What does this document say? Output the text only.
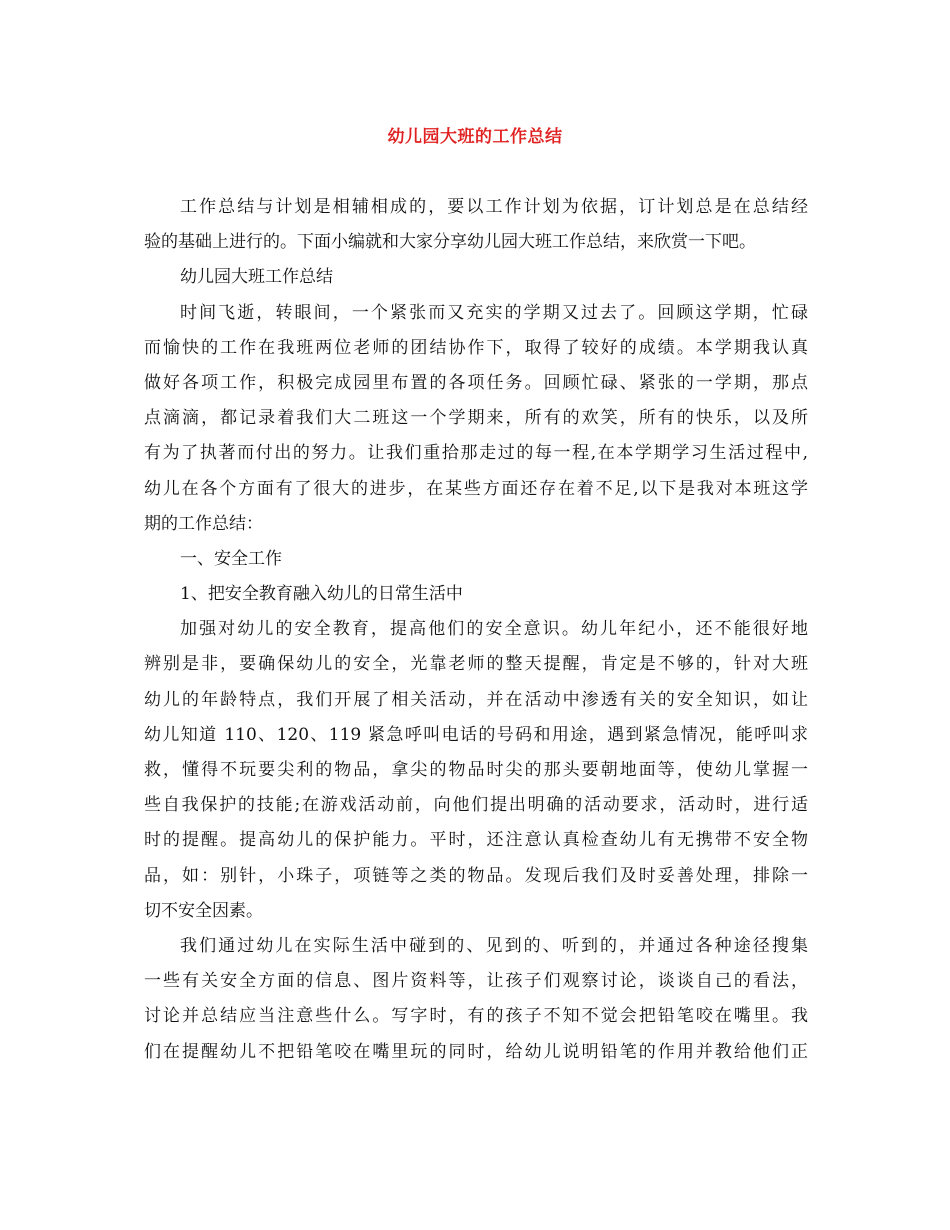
幼儿园大班的工作总结
工作总结与计划是相辅相成的，要以工作计划为依据，订计划总是在总结经
验的基础上进行的。下面小编就和大家分享幼儿园大班工作总结，来欣赏一下吧。
幼儿园大班工作总结
时间飞逝，转眼间，一个紧张而又充实的学期又过去了。回顾这学期，忙碌
而愉快的工作在我班两位老师的团结协作下，取得了较好的成绩。本学期我认真
做好各项工作，积极完成园里布置的各项任务。回顾忙碌、紧张的一学期，那点
点滴滴，都记录着我们大二班这一个学期来，所有的欢笑，所有的快乐，以及所
有为了执著而付出的努力。让我们重拾那走过的每一程,在本学期学习生活过程中,
幼儿在各个方面有了很大的进步，在某些方面还存在着不足,以下是我对本班这学
期的工作总结：
一、安全工作
1、把安全教育融入幼儿的日常生活中
加强对幼儿的安全教育，提高他们的安全意识。幼儿年纪小，还不能很好地
辨别是非，要确保幼儿的安全，光靠老师的整天提醒，肯定是不够的，针对大班
幼儿的年龄特点，我们开展了相关活动，并在活动中渗透有关的安全知识，如让
幼儿知道 110、120、119 紧急呼叫电话的号码和用途，遇到紧急情况，能呼叫求
救，懂得不玩要尖利的物品，拿尖的物品时尖的那头要朝地面等，使幼儿掌握一
些自我保护的技能;在游戏活动前，向他们提出明确的活动要求，活动时，进行适
时的提醒。提高幼儿的保护能力。平时，还注意认真检查幼儿有无携带不安全物
品，如：别针，小珠子，项链等之类的物品。发现后我们及时妥善处理，排除一
切不安全因素。
我们通过幼儿在实际生活中碰到的、见到的、听到的，并通过各种途径搜集
一些有关安全方面的信息、图片资料等，让孩子们观察讨论，谈谈自己的看法，
讨论并总结应当注意些什么。写字时，有的孩子不知不觉会把铅笔咬在嘴里。我
们在提醒幼儿不把铅笔咬在嘴里玩的同时，给幼儿说明铅笔的作用并教给他们正
